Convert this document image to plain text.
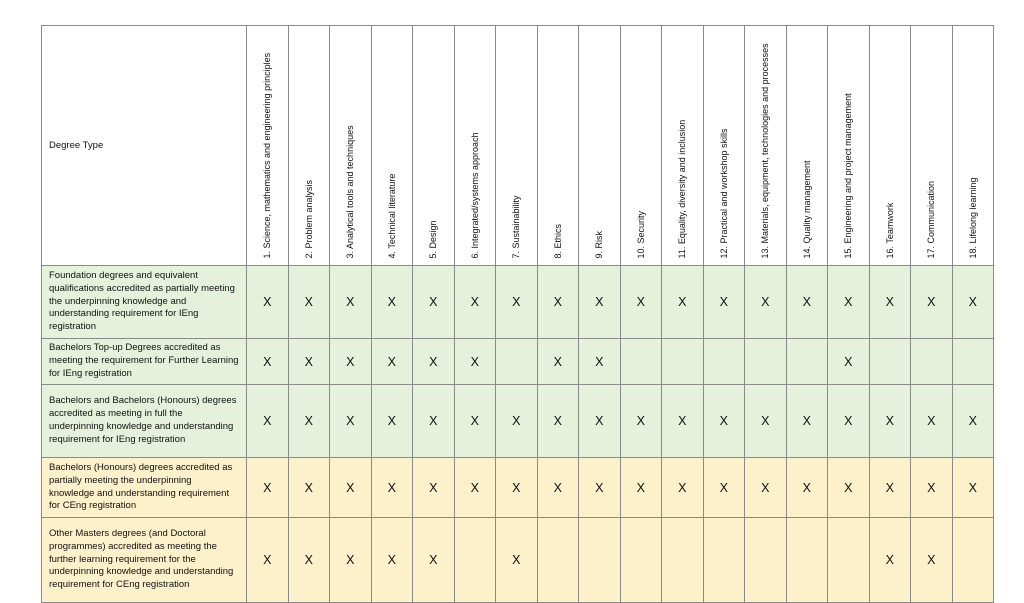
Degree Type	1. Science, mathematics and engineering principles	2. Problem analysis	3. Analytical tools and techniques	4. Technical literature	5. Design	6. Integrated/systems approach	7. Sustainability	8. Ethics	9. Risk	10. Security	11. Equality, diversity and inclusion	12. Practical and workshop skills	13. Materials, equipment, technologies and processes	14. Quality management	15. Engineering and project management	16. Teamwork	17. Communication	18. Lifelong learning

Foundation degrees and equivalent qualifications accredited as partially meeting the underpinning knowledge and understanding requirement for IEng registration	X	X	X	X	X	X	X	X	X	X	X	X	X	X	X	X	X	X
Bachelors Top-up Degrees accredited as meeting the requirement for Further Learning for IEng registration	X	X	X	X	X	X		X	X						X			
Bachelors and Bachelors (Honours) degrees accredited as meeting in full the underpinning knowledge and understanding requirement for IEng registration	X	X	X	X	X	X	X	X	X	X	X	X	X	X	X	X	X	X
Bachelors (Honours) degrees accredited as partially meeting the underpinning knowledge and understanding requirement for CEng registration	X	X	X	X	X	X	X	X	X	X	X	X	X	X	X	X	X	X
Other Masters degrees (and Doctoral programmes) accredited as meeting the further learning requirement for the underpinning knowledge and understanding requirement for CEng registration	X	X	X	X	X		X									X	X	
